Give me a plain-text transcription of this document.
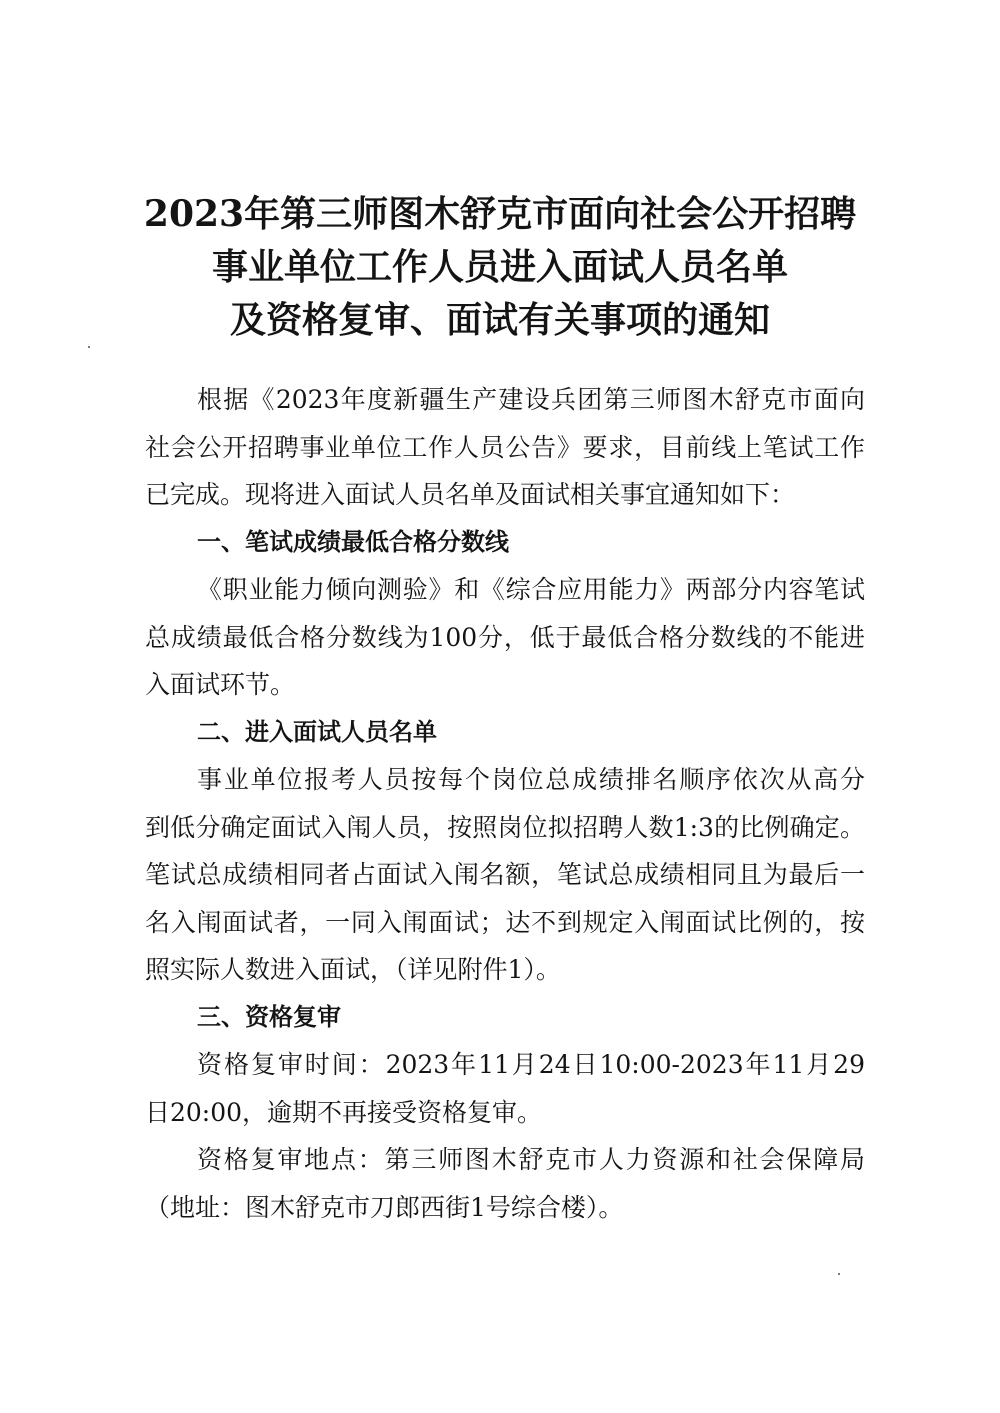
2023年第三师图木舒克市面向社会公开招聘
事业单位工作人员进入面试人员名单
及资格复审、面试有关事项的通知
根据《2023年度新疆生产建设兵团第三师图木舒克市面向
社会公开招聘事业单位工作人员公告》要求，目前线上笔试工作
已完成。现将进入面试人员名单及面试相关事宜通知如下：
一、笔试成绩最低合格分数线
《职业能力倾向测验》和《综合应用能力》两部分内容笔试
总成绩最低合格分数线为100分，低于最低合格分数线的不能进
入面试环节。
二、进入面试人员名单
事业单位报考人员按每个岗位总成绩排名顺序依次从高分
到低分确定面试入闱人员，按照岗位拟招聘人数1:3的比例确定。
笔试总成绩相同者占面试入闱名额，笔试总成绩相同且为最后一
名入闱面试者，一同入闱面试；达不到规定入闱面试比例的，按
照实际人数进入面试，（详见附件1）。
三、资格复审
资格复审时间：2023年11月24日10:00-2023年11月29
日20:00，逾期不再接受资格复审。
资格复审地点：第三师图木舒克市人力资源和社会保障局
（地址：图木舒克市刀郎西街1号综合楼）。
